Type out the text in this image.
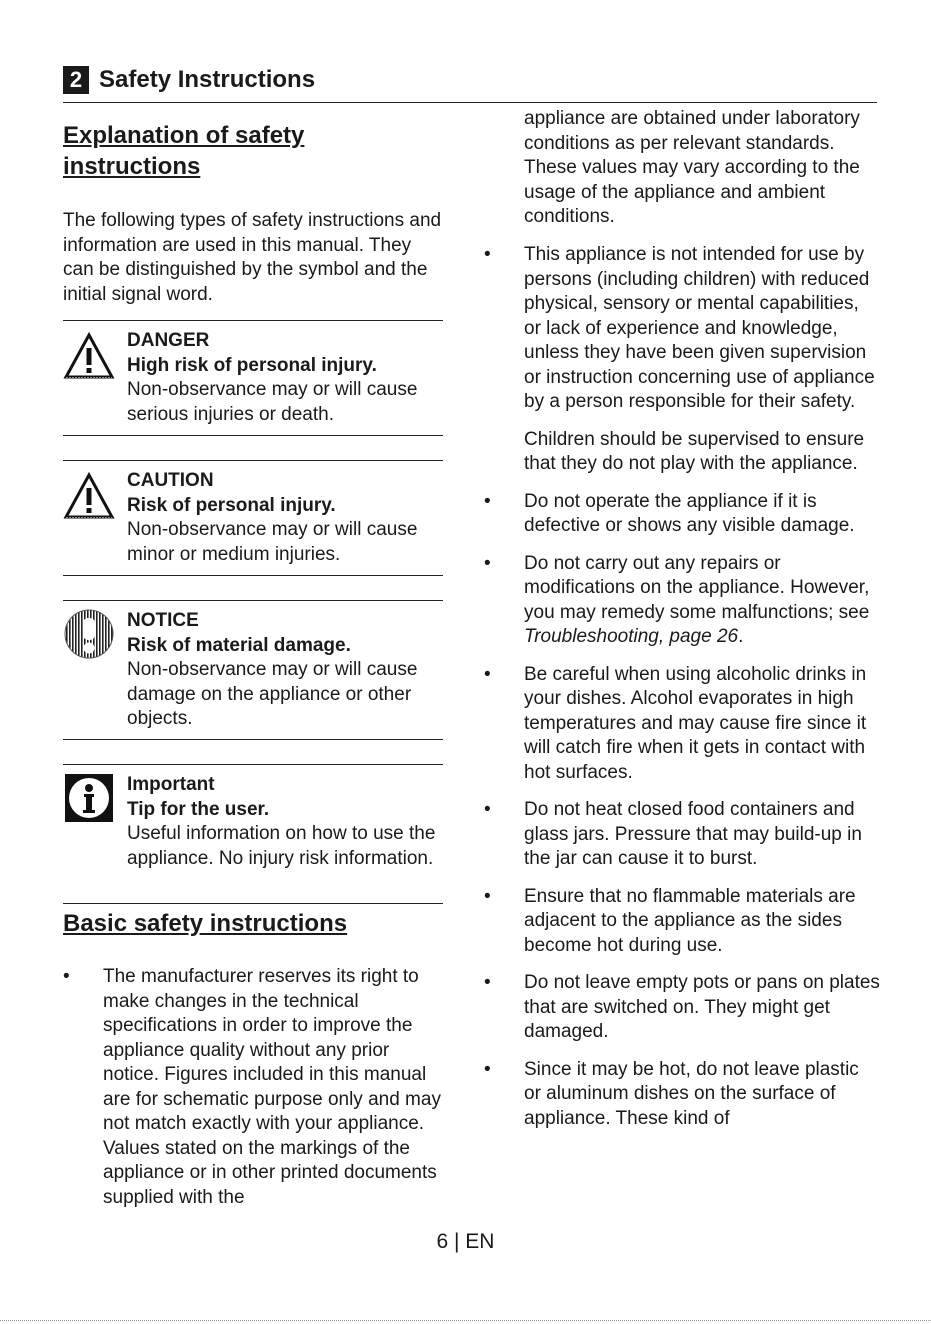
2 Safety Instructions
Explanation of safety
instructions
The following types of safety instructions and information are used in this manual. They can be distinguished by the symbol and the initial signal word.
DANGER
High risk of personal injury.
Non-observance may or will cause serious injuries or death.
CAUTION
Risk of personal injury.
Non-observance may or will cause minor or medium injuries.
NOTICE
Risk of material damage.
Non-observance may or will cause damage on the appliance or other objects.
Important
Tip for the user.
Useful information on how to use the appliance. No injury risk information.
Basic safety instructions
• The manufacturer reserves its right to make changes in the technical specifications in order to improve the appliance quality without any prior notice. Figures included in this manual are for schematic purpose only and may not match exactly with your appliance. Values stated on the markings of the appliance or in other printed documents supplied with the
appliance are obtained under laboratory conditions as per relevant standards. These values may vary according to the usage of the appliance and ambient conditions.
• This appliance is not intended for use by persons (including children) with reduced physical, sensory or mental capabilities, or lack of experience and knowledge, unless they have been given supervision or instruction concerning use of appliance by a person responsible for their safety.
Children should be supervised to ensure that they do not play with the appliance.
• Do not operate the appliance if it is defective or shows any visible damage.
• Do not carry out any repairs or modifications on the appliance. However, you may remedy some malfunctions; see Troubleshooting, page 26.
• Be careful when using alcoholic drinks in your dishes. Alcohol evaporates in high temperatures and may cause fire since it will catch fire when it gets in contact with hot surfaces.
• Do not heat closed food containers and glass jars. Pressure that may build-up in the jar can cause it to burst.
• Ensure that no flammable materials are adjacent to the appliance as the sides become hot during use.
• Do not leave empty pots or pans on plates that are switched on. They might get damaged.
• Since it may be hot, do not leave plastic or aluminum dishes on the surface of appliance. These kind of
6 | EN
